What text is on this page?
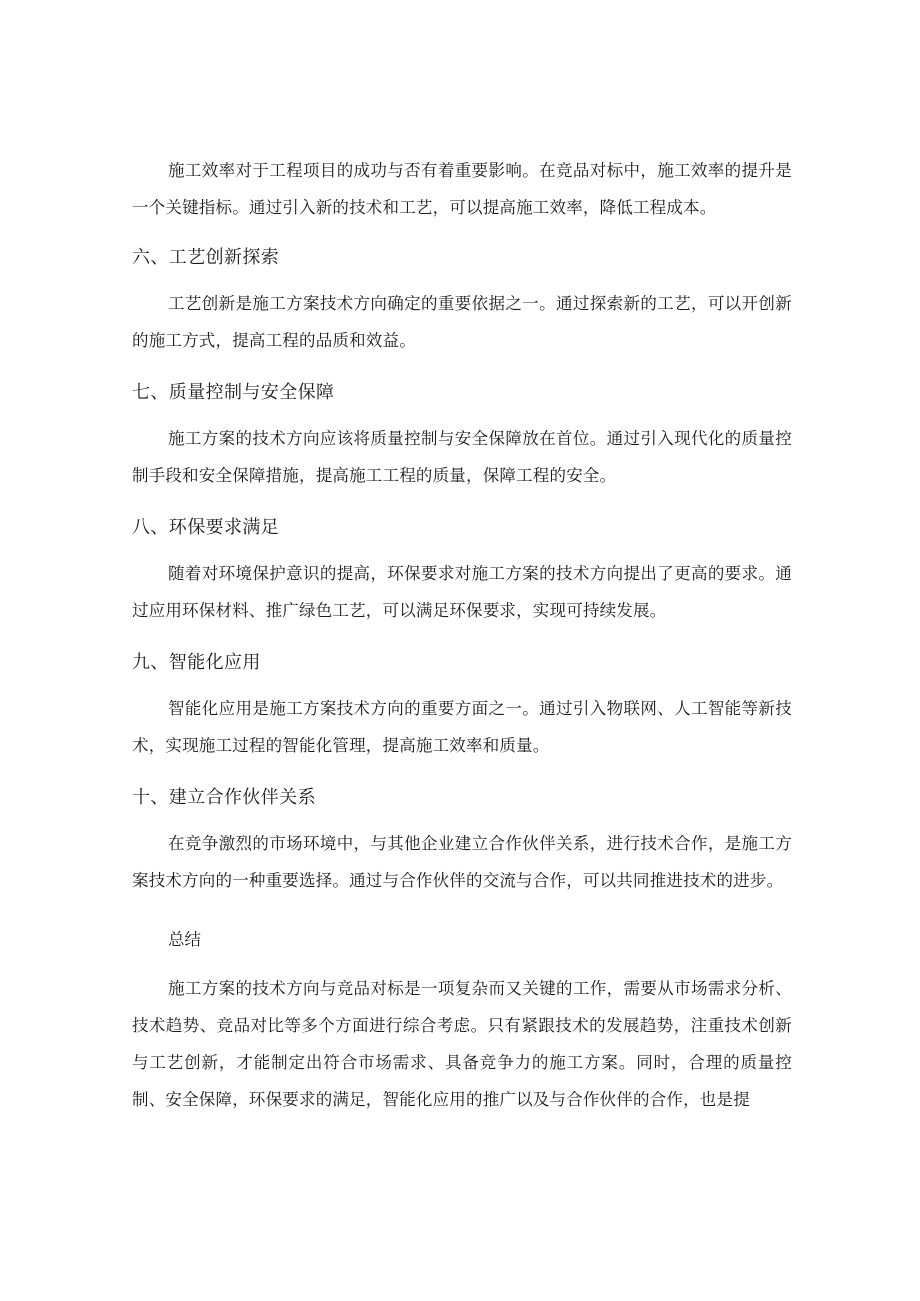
施工效率对于工程项目的成功与否有着重要影响。在竞品对标中，施工效率的提升是一个关键指标。通过引入新的技术和工艺，可以提高施工效率，降低工程成本。

六、工艺创新探索

工艺创新是施工方案技术方向确定的重要依据之一。通过探索新的工艺，可以开创新的施工方式，提高工程的品质和效益。

七、质量控制与安全保障

施工方案的技术方向应该将质量控制与安全保障放在首位。通过引入现代化的质量控制手段和安全保障措施，提高施工工程的质量，保障工程的安全。

八、环保要求满足

随着对环境保护意识的提高，环保要求对施工方案的技术方向提出了更高的要求。通过应用环保材料、推广绿色工艺，可以满足环保要求，实现可持续发展。

九、智能化应用

智能化应用是施工方案技术方向的重要方面之一。通过引入物联网、人工智能等新技术，实现施工过程的智能化管理，提高施工效率和质量。

十、建立合作伙伴关系

在竞争激烈的市场环境中，与其他企业建立合作伙伴关系，进行技术合作，是施工方案技术方向的一种重要选择。通过与合作伙伴的交流与合作，可以共同推进技术的进步。

总结

施工方案的技术方向与竞品对标是一项复杂而又关键的工作，需要从市场需求分析、技术趋势、竞品对比等多个方面进行综合考虑。只有紧跟技术的发展趋势，注重技术创新与工艺创新，才能制定出符合市场需求、具备竞争力的施工方案。同时，合理的质量控制、安全保障，环保要求的满足，智能化应用的推广以及与合作伙伴的合作，也是提
